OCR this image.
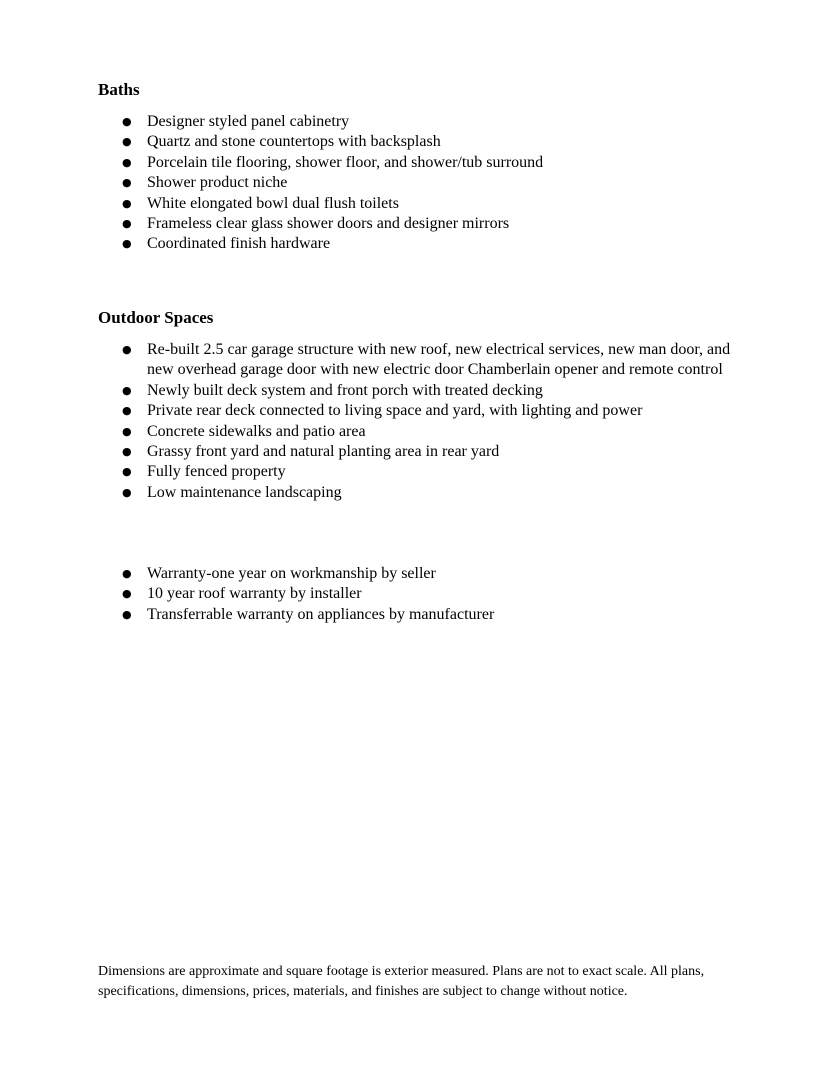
Baths
● Designer styled panel cabinetry
● Quartz and stone countertops with backsplash
● Porcelain tile flooring, shower floor, and shower/tub surround
● Shower product niche
● White elongated bowl dual flush toilets
● Frameless clear glass shower doors and designer mirrors
● Coordinated finish hardware
Outdoor Spaces
● Re-built 2.5 car garage structure with new roof, new electrical services, new man door, and new overhead garage door with new electric door Chamberlain opener and remote control
● Newly built deck system and front porch with treated decking
● Private rear deck connected to living space and yard, with lighting and power
● Concrete sidewalks and patio area
● Grassy front yard and natural planting area in rear yard
● Fully fenced property
● Low maintenance landscaping
● Warranty-one year on workmanship by seller
● 10 year roof warranty by installer
● Transferrable warranty on appliances by manufacturer

Dimensions are approximate and square footage is exterior measured. Plans are not to exact scale. All plans, specifications, dimensions, prices, materials, and finishes are subject to change without notice.
